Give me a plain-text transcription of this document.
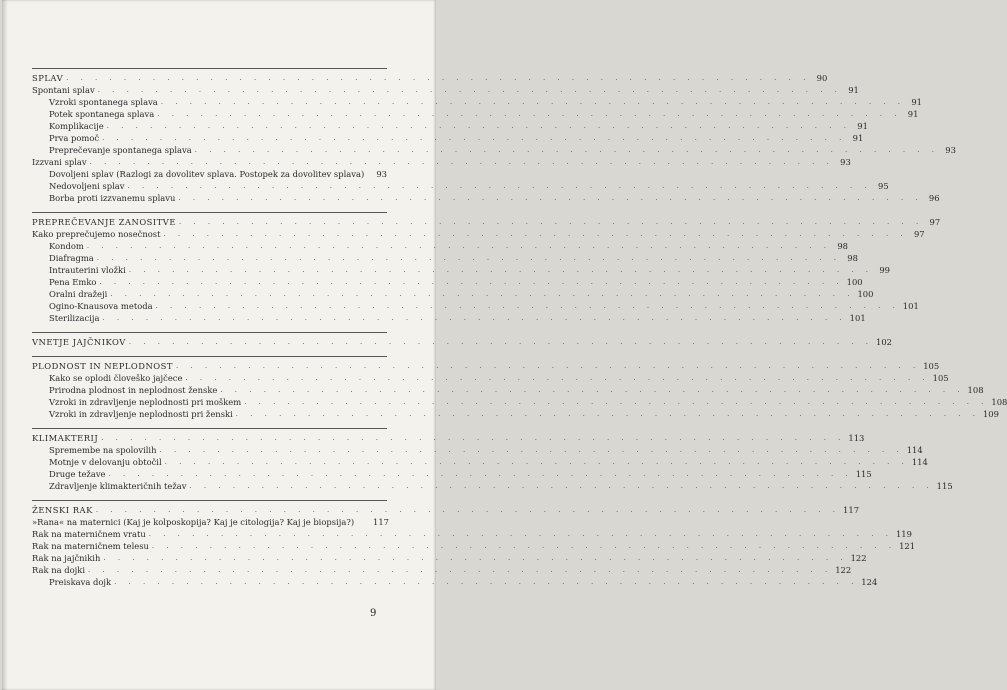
SPLAV . . .	90
Spontani splav . . .	91
Vzroki spontanega splava . . .	91
Potek spontanega splava . . .	91
Komplikacije . . .	91
Prva pomoč . . .	91
Preprečevanje spontanega splava . . .	93
Izzvani splav . . .	93
Dovoljeni splav (Razlogi za dovolitev splava. Postopek za dovolitev splava)	93
Nedovoljeni splav . . .	95
Borba proti izzvanemu splavu . . .	96
PREPREČEVANJE ZANOSITVE . . .	97
Kako preprečujemo nosečnost . . .	97
Kondom . . .	98
Diafragma . . .	98
Intrauterini vložki . . .	99
Pena Emko . . .	100
Oralni dražeji . . .	100
Ogino-Knausova metoda . . .	101
Sterilizacija . . .	101
VNETJE JAJČNIKOV . . .	102
PLODNOST IN NEPLODNOST . . .	105
Kako se oplodi človeško jajčece . . .	105
Prirodna plodnost in neplodnost ženske . . .	108
Vzroki in zdravljenje neplodnosti pri moškem . . .	108
Vzroki in zdravljenje neplodnosti pri ženski . . .	109
KLIMAKTERIJ . . .	113
Spremembe na spolovilih . . .	114
Motnje v delovanju obtočil . . .	114
Druge težave . . .	115
Zdravljenje klimakteričnih težav . . .	115
ŽENSKI RAK . . .	117
»Rana« na maternici (Kaj je kolposkopija? Kaj je citologija? Kaj je biopsija?)	117
Rak na materničnem vratu . . .	119
Rak na materničnem telesu . . .	121
Rak na jajčnikih . . .	122
Rak na dojki . . .	122
Preiskava dojk . . .	124
9
